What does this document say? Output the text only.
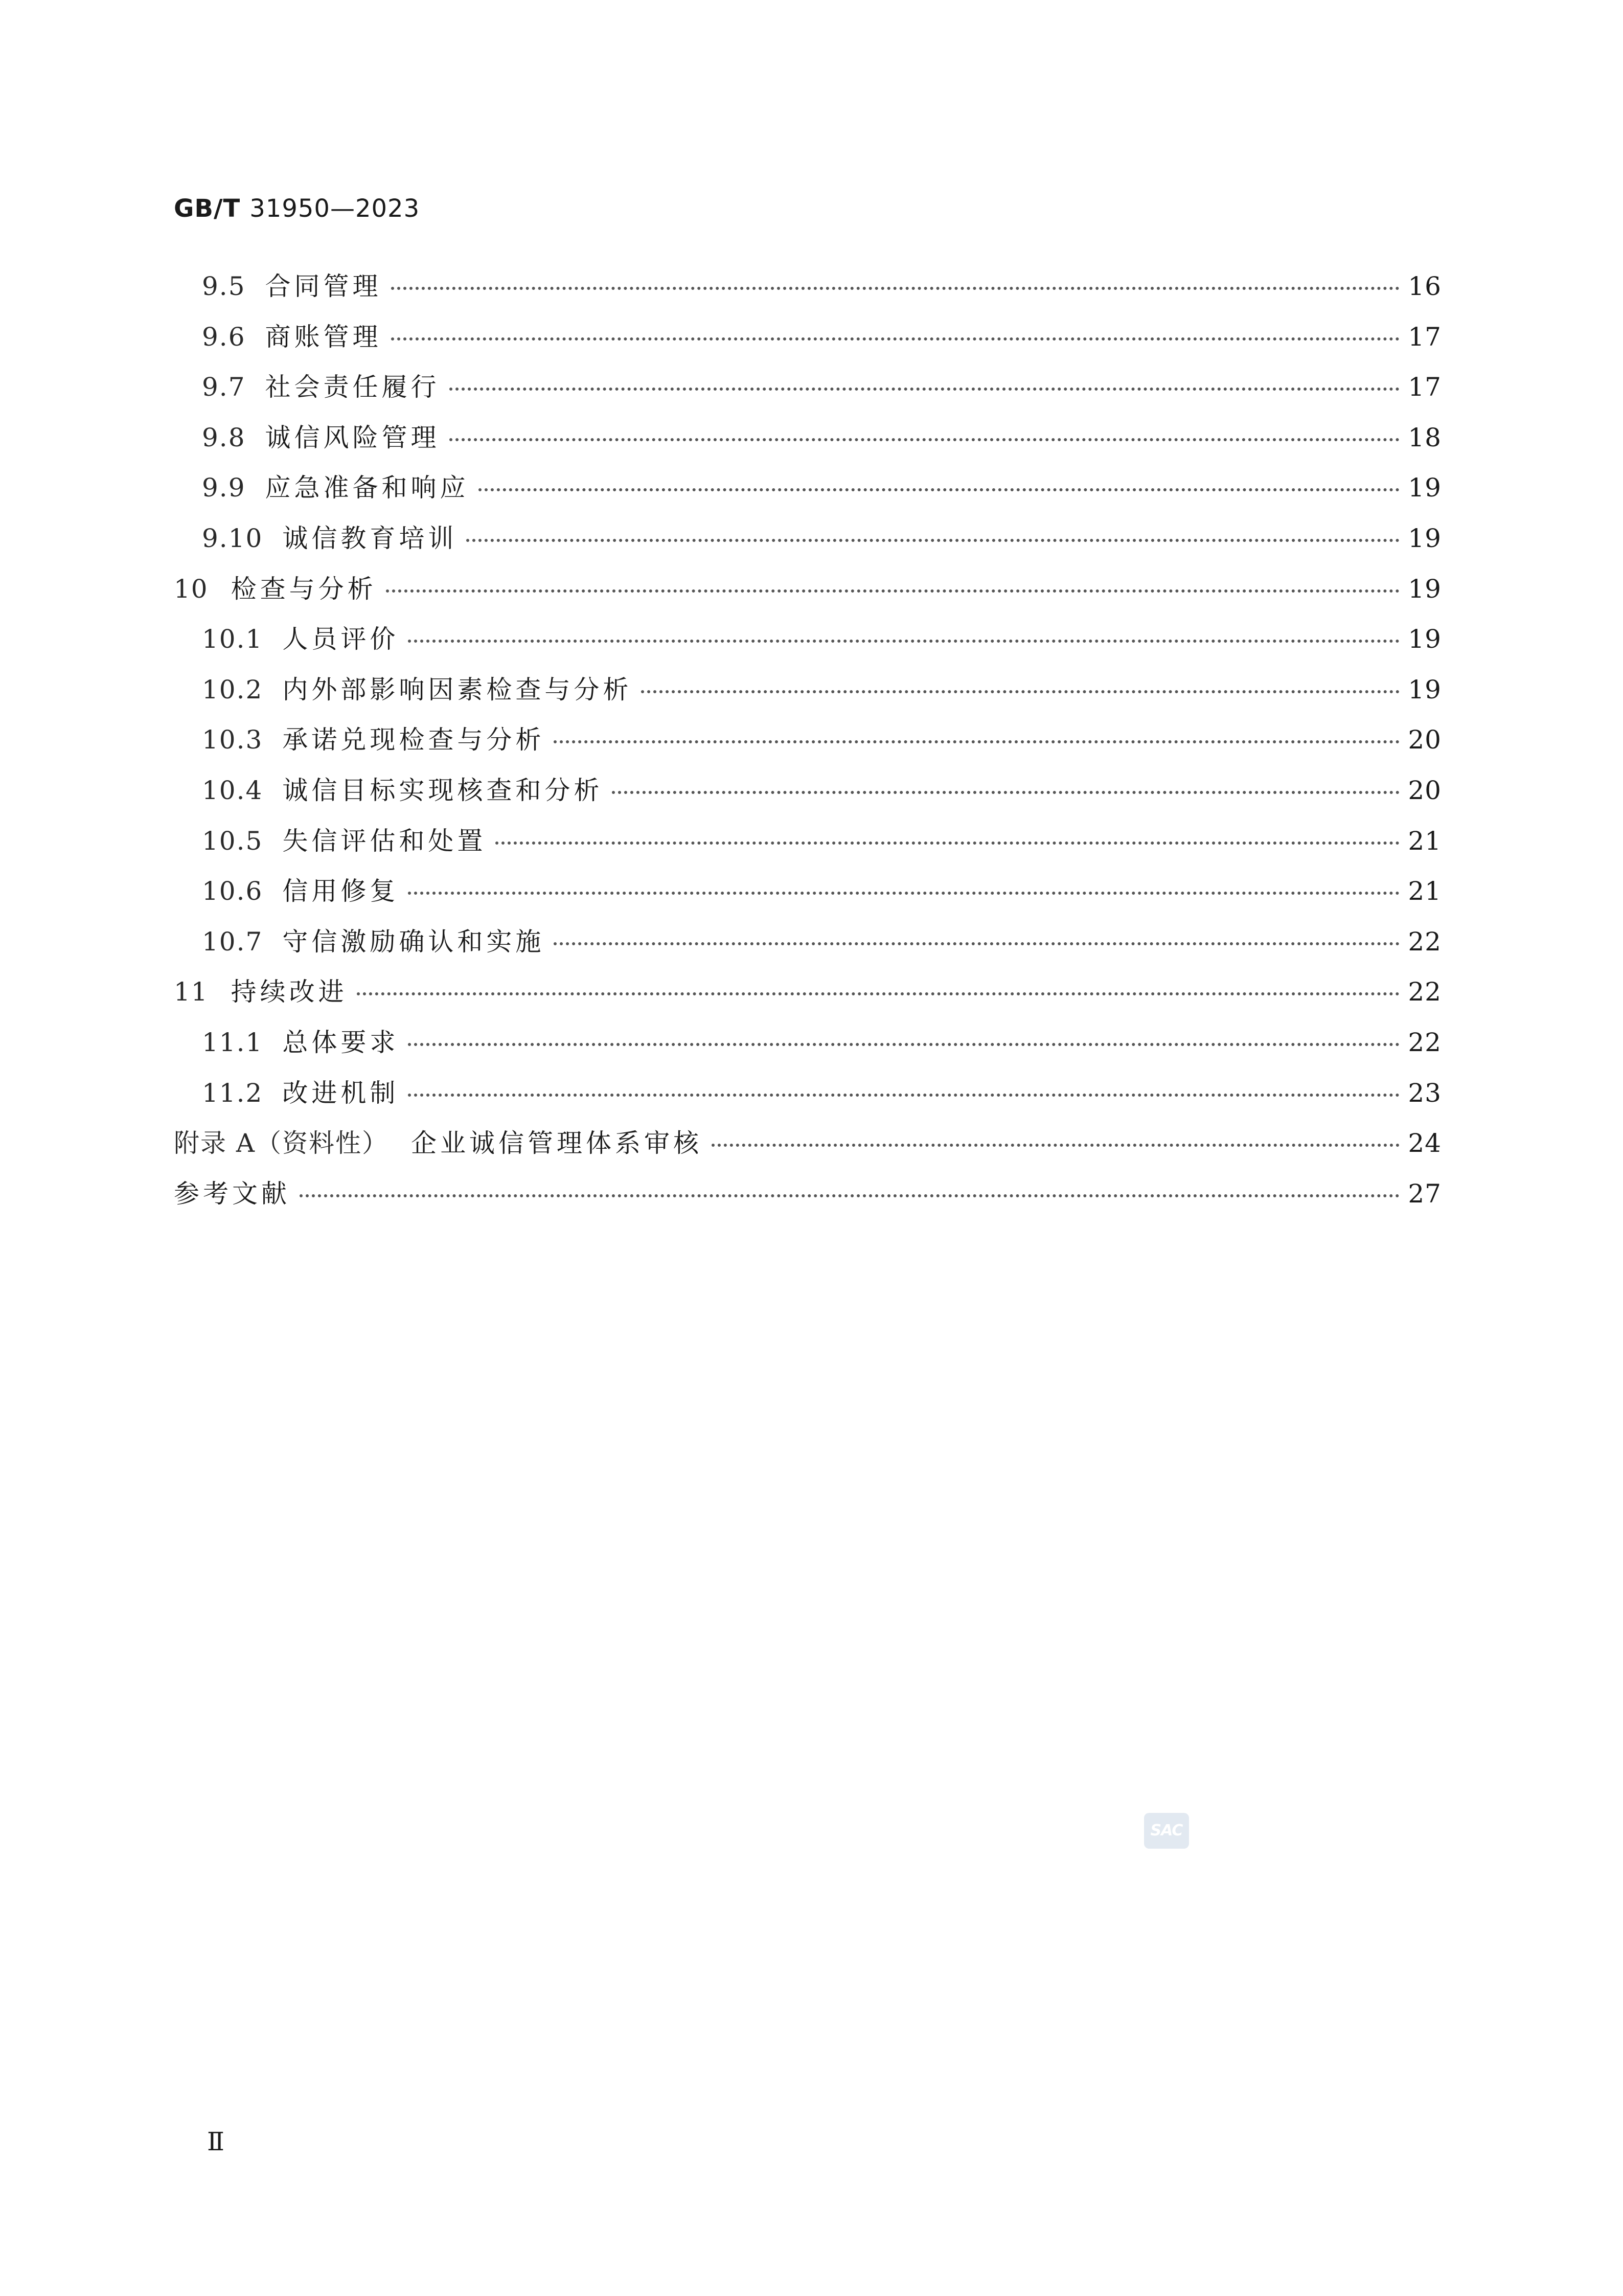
GB/T 31950—2023
9.5 合同管理	16
9.6 商账管理	17
9.7 社会责任履行	17
9.8 诚信风险管理	18
9.9 应急准备和响应	19
9.10 诚信教育培训	19
10 检查与分析	19
10.1 人员评价	19
10.2 内外部影响因素检查与分析	19
10.3 承诺兑现检查与分析	20
10.4 诚信目标实现核查和分析	20
10.5 失信评估和处置	21
10.6 信用修复	21
10.7 守信激励确认和实施	22
11 持续改进	22
11.1 总体要求	22
11.2 改进机制	23
附录 A（资料性） 企业诚信管理体系审核	24
参考文献	27
SAC
Ⅱ
